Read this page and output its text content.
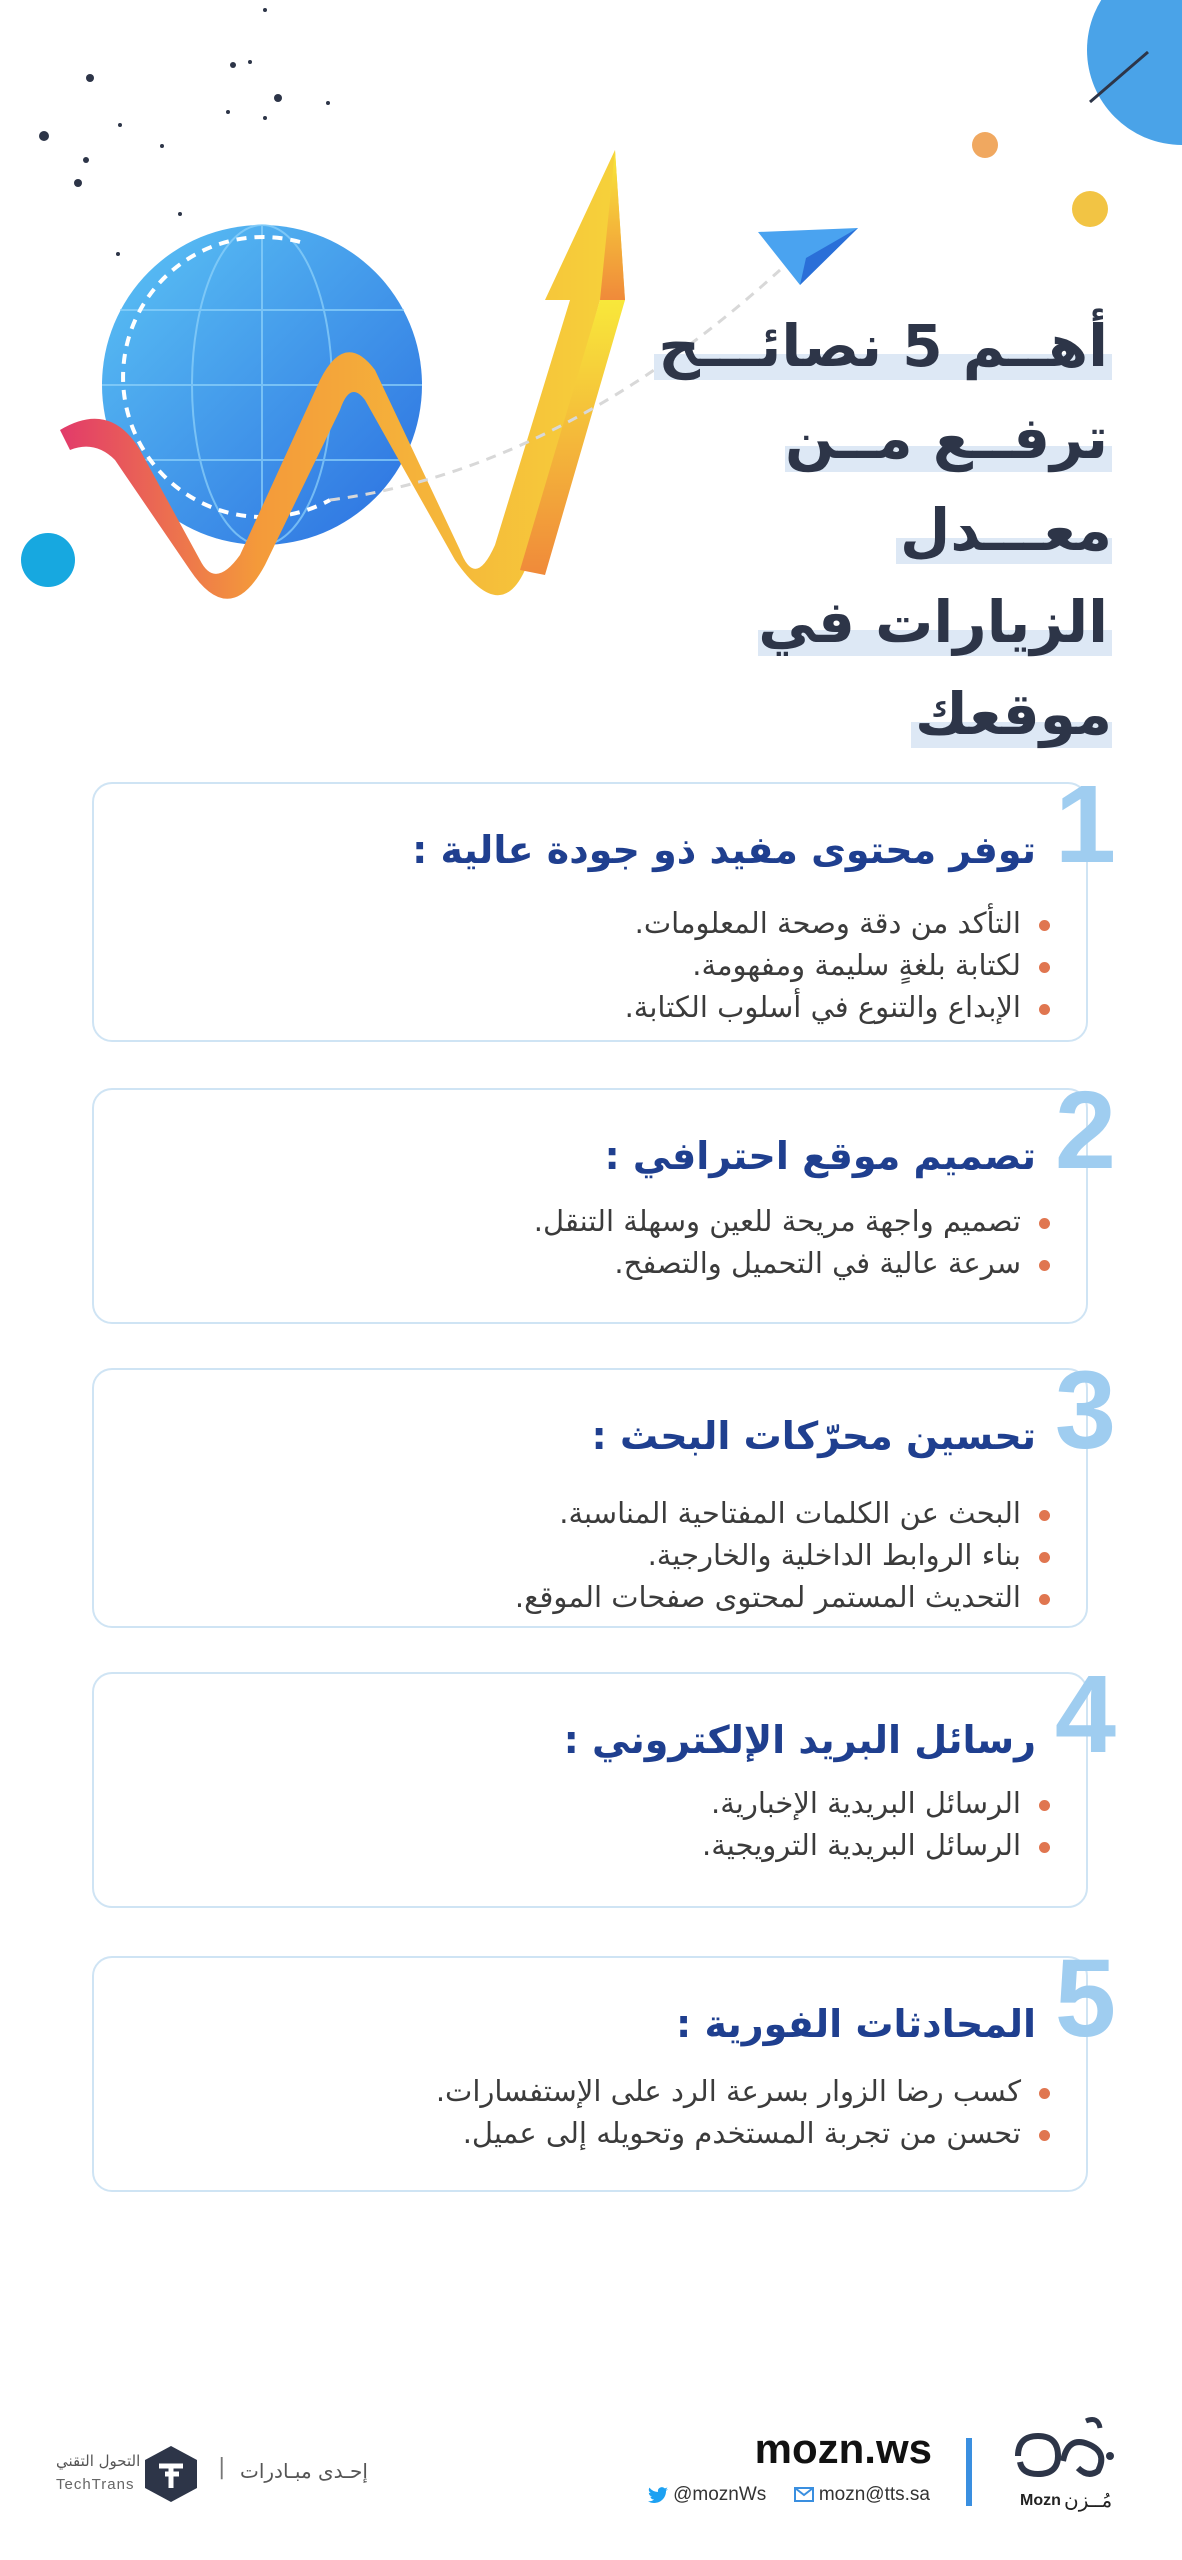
أهــم 5 نصائـــح
ترفــع مــن معـــدل
الزيارات في موقعك
1
توفر محتوى مفيد ذو جودة عالية :
التأكد من دقة وصحة المعلومات.
لكتابة بلغةٍ سليمة ومفهومة.
الإبداع والتنوع في أسلوب الكتابة.
2
تصميم موقع احترافي :
تصميم واجهة مريحة للعين وسهلة التنقل.
سرعة عالية في التحميل والتصفح.
3
تحسين محرّكات البحث :
البحث عن الكلمات المفتاحية المناسبة.
بناء الروابط الداخلية والخارجية.
التحديث المستمر لمحتوى صفحات الموقع.
4
رسائل البريد الإلكتروني :
الرسائل البريدية الإخبارية.
الرسائل البريدية الترويجية.
5
المحادثات الفورية :
كسب رضا الزوار بسرعة الرد على الإستفسارات.
تحسن من تجربة المستخدم وتحويله إلى عميل.
mozn.ws
@moznWs	mozn@tts.sa	Mozn مُــزن
إحـدى مبـادرات
|
التحول التقني
TechTrans
